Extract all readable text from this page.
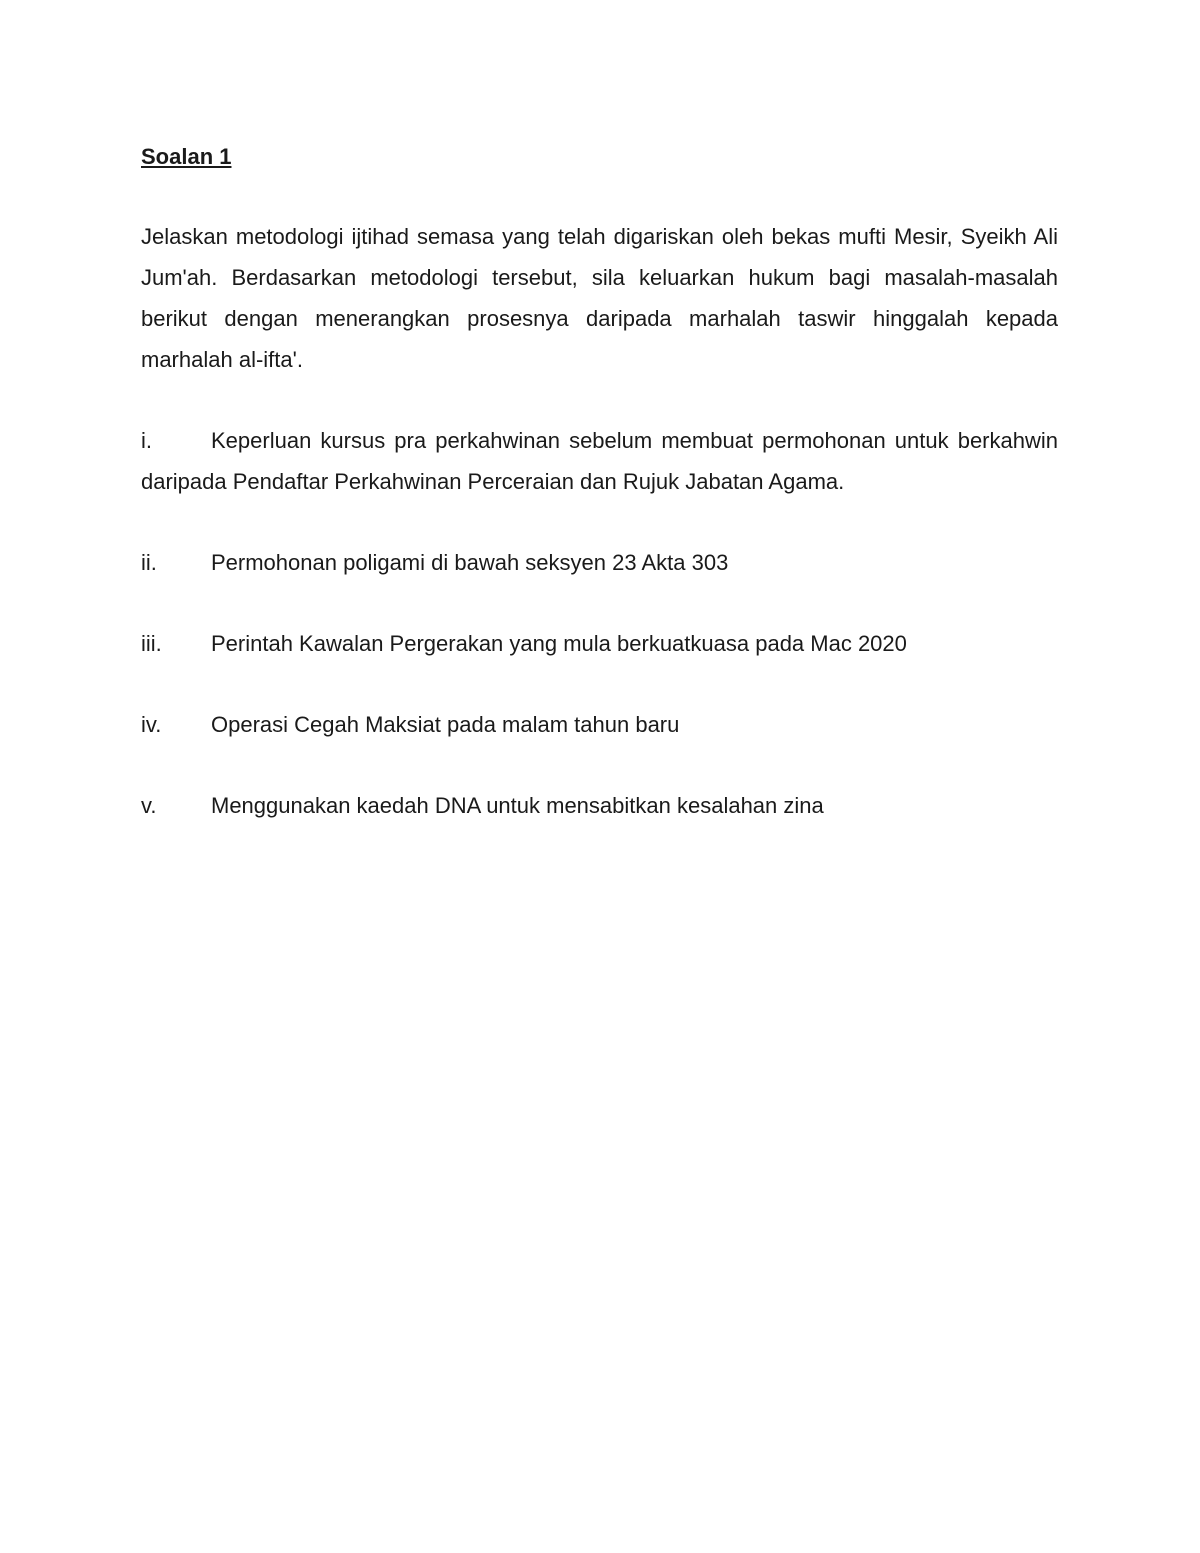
Soalan 1

Jelaskan metodologi ijtihad semasa yang telah digariskan oleh bekas mufti Mesir, Syeikh Ali Jum'ah. Berdasarkan metodologi tersebut, sila keluarkan hukum bagi masalah-masalah berikut dengan menerangkan prosesnya daripada marhalah taswir hinggalah kepada marhalah al-ifta'.

i.	Keperluan kursus pra perkahwinan sebelum membuat permohonan untuk berkahwin daripada Pendaftar Perkahwinan Perceraian dan Rujuk Jabatan Agama.
ii. Permohonan poligami di bawah seksyen 23 Akta 303
iii. Perintah Kawalan Pergerakan yang mula berkuatkuasa pada Mac 2020
iv. Operasi Cegah Maksiat pada malam tahun baru
v. Menggunakan kaedah DNA untuk mensabitkan kesalahan zina
